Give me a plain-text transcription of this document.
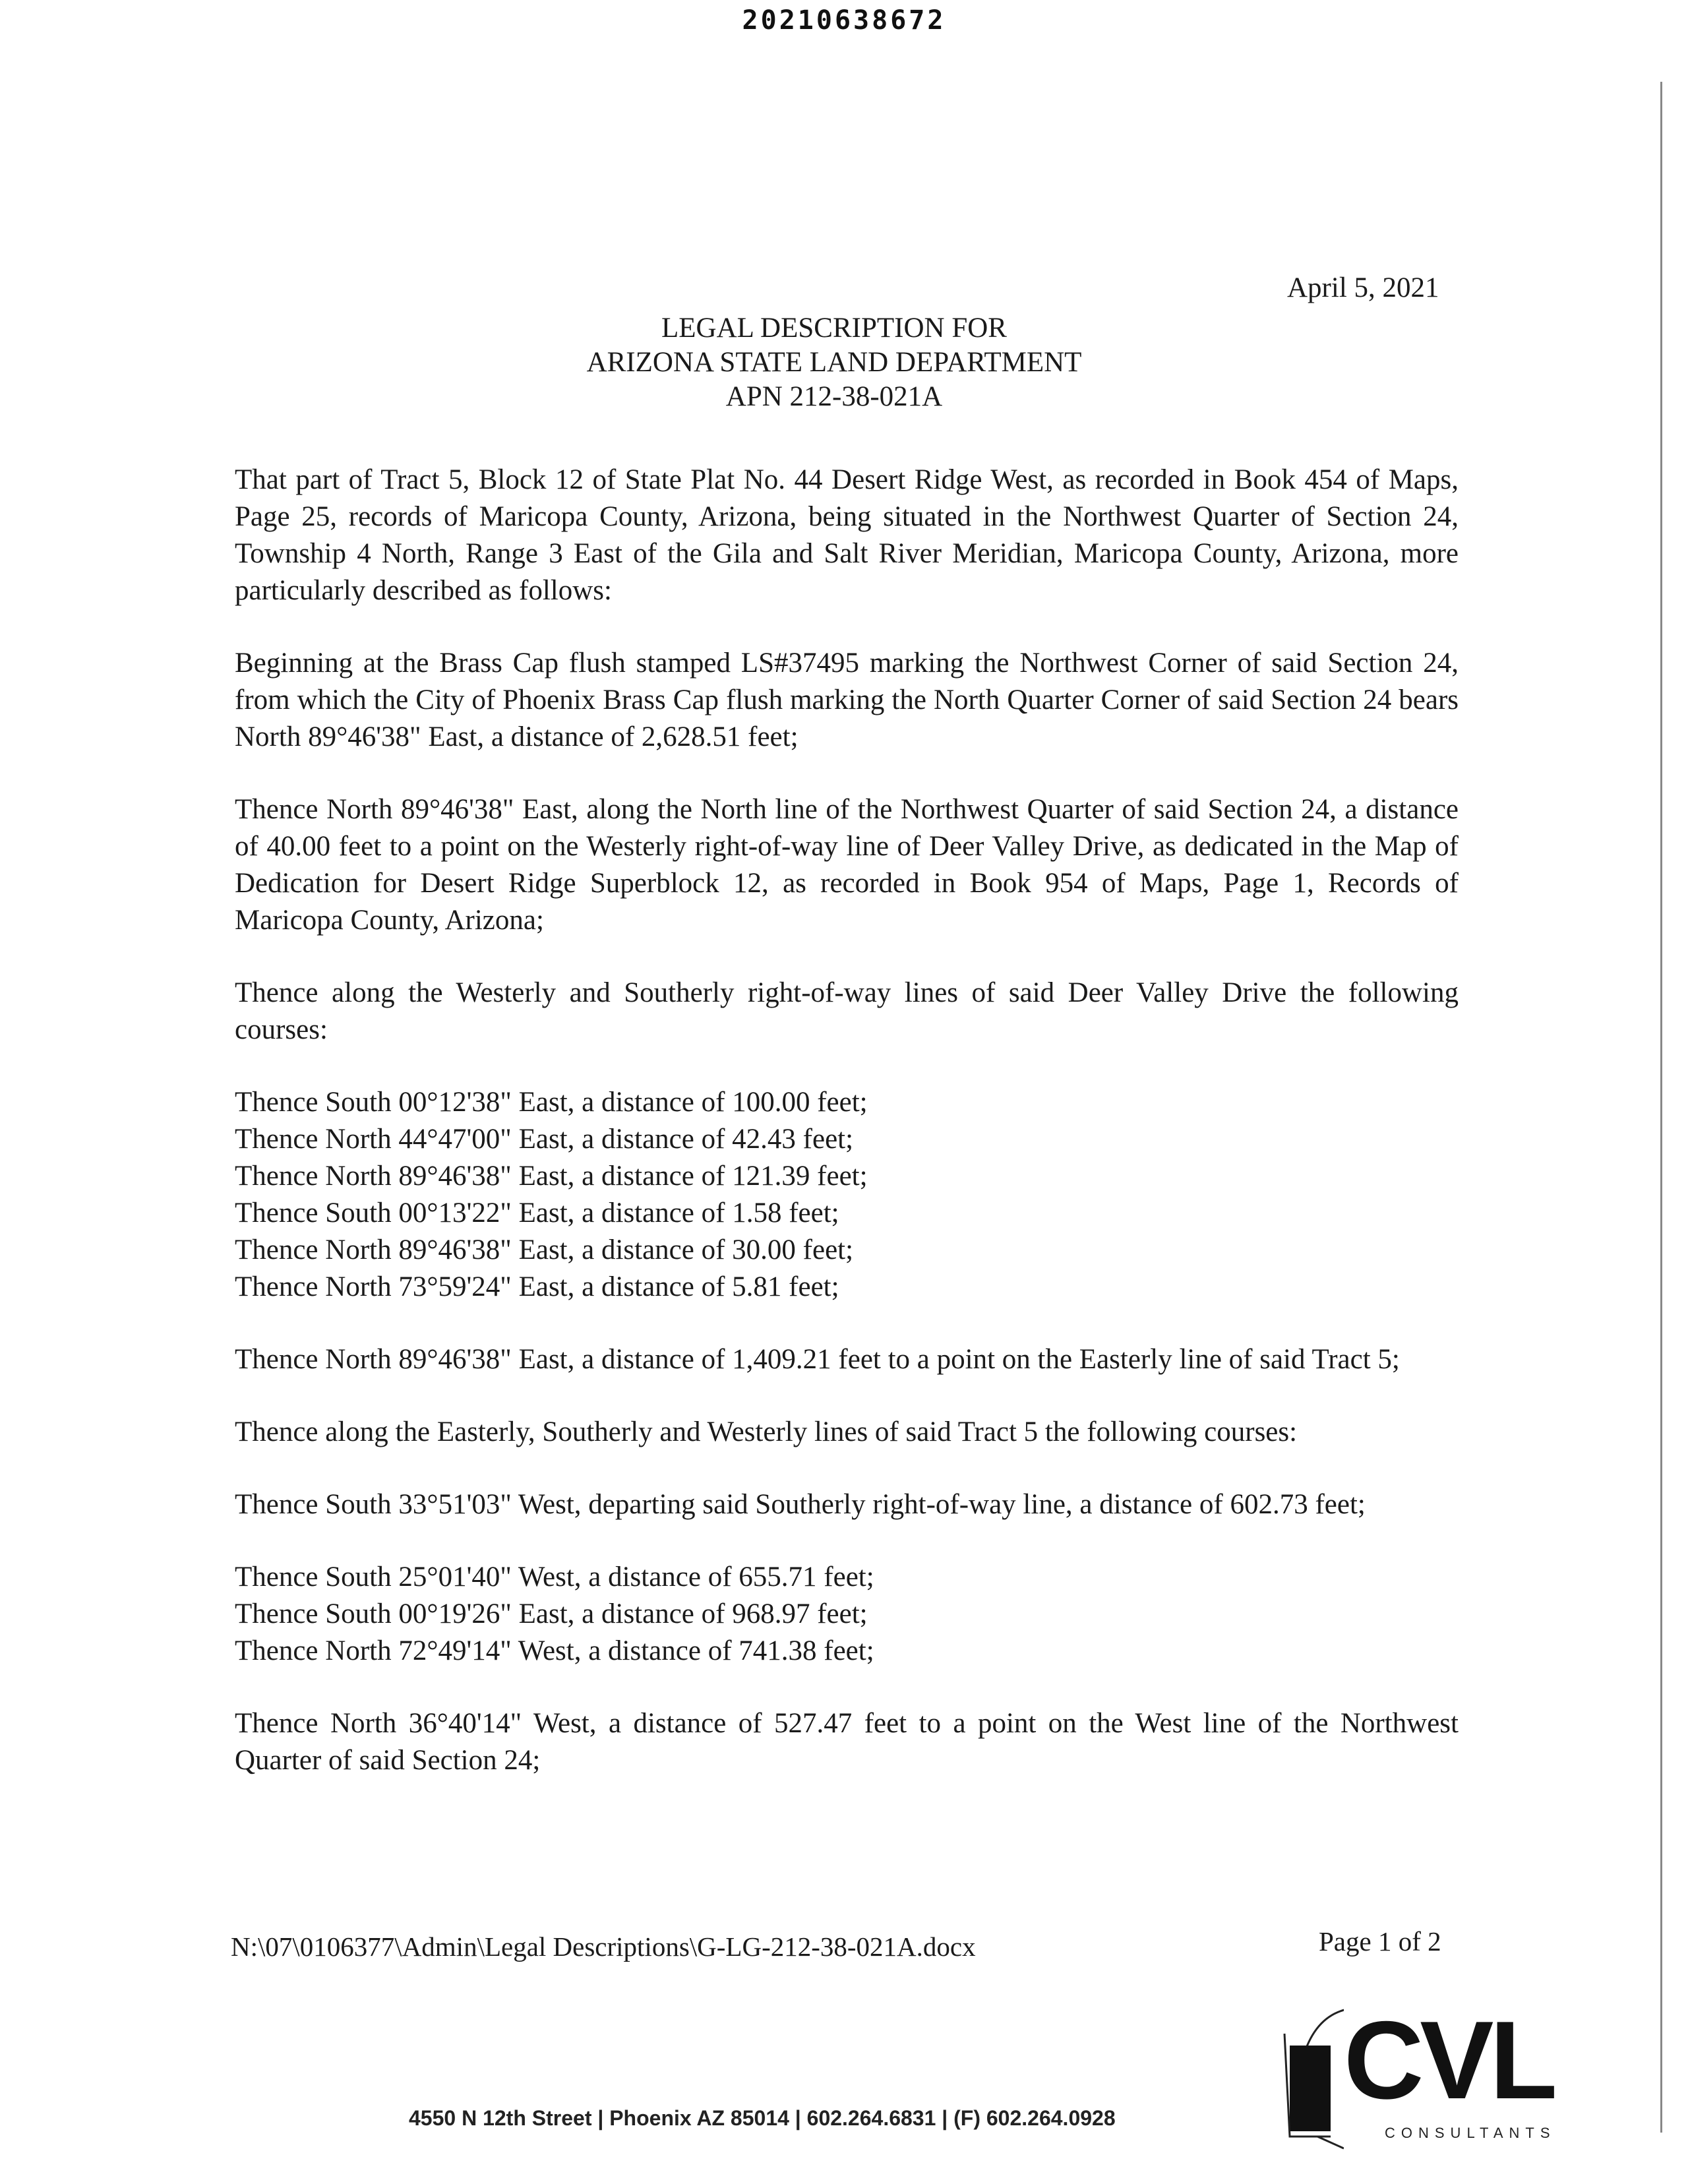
20210638672
April 5, 2021
LEGAL DESCRIPTION FOR
ARIZONA STATE LAND DEPARTMENT
APN 212-38-021A

That part of Tract 5, Block 12 of State Plat No. 44 Desert Ridge West, as recorded in Book 454 of Maps, Page 25, records of Maricopa County, Arizona, being situated in the Northwest Quarter of Section 24, Township 4 North, Range 3 East of the Gila and Salt River Meridian, Maricopa County, Arizona, more particularly described as follows:

Beginning at the Brass Cap flush stamped LS#37495 marking the Northwest Corner of said Section 24, from which the City of Phoenix Brass Cap flush marking the North Quarter Corner of said Section 24 bears North 89°46'38" East, a distance of 2,628.51 feet;

Thence North 89°46'38" East, along the North line of the Northwest Quarter of said Section 24, a distance of 40.00 feet to a point on the Westerly right-of-way line of Deer Valley Drive, as dedicated in the Map of Dedication for Desert Ridge Superblock 12, as recorded in Book 954 of Maps, Page 1, Records of Maricopa County, Arizona;

Thence along the Westerly and Southerly right-of-way lines of said Deer Valley Drive the following courses:

Thence South 00°12'38" East, a distance of 100.00 feet;

Thence North 44°47'00" East, a distance of 42.43 feet;

Thence North 89°46'38" East, a distance of 121.39 feet;

Thence South 00°13'22" East, a distance of 1.58 feet;

Thence North 89°46'38" East, a distance of 30.00 feet;

Thence North 73°59'24" East, a distance of 5.81 feet;

Thence North 89°46'38" East, a distance of 1,409.21 feet to a point on the Easterly line of said Tract 5;

Thence along the Easterly, Southerly and Westerly lines of said Tract 5 the following courses:

Thence South 33°51'03" West, departing said Southerly right-of-way line, a distance of 602.73 feet;

Thence South 25°01'40" West, a distance of 655.71 feet;

Thence South 00°19'26" East, a distance of 968.97 feet;

Thence North 72°49'14" West, a distance of 741.38 feet;

Thence North 36°40'14" West, a distance of 527.47 feet to a point on the West line of the Northwest Quarter of said Section 24;

N:\07\0106377\Admin\Legal Descriptions\G-LG-212-38-021A.docx	Page 1 of 2
4550 N 12th Street | Phoenix AZ 85014 | 602.264.6831 | (F) 602.264.0928 CVL
CONSULTANTS
